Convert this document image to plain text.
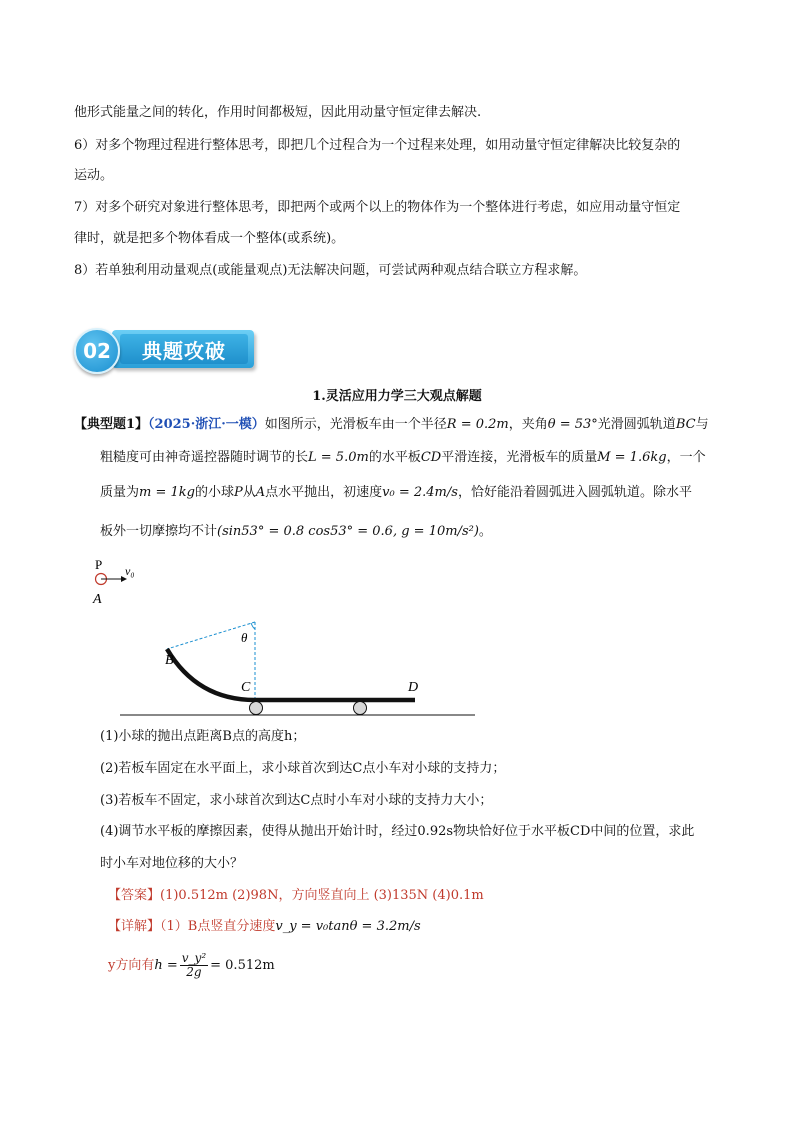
他形式能量之间的转化，作用时间都极短，因此用动量守恒定律去解决.
6）对多个物理过程进行整体思考，即把几个过程合为一个过程来处理，如用动量守恒定律解决比较复杂的
运动。
7）对多个研究对象进行整体思考，即把两个或两个以上的物体作为一个整体进行考虑，如应用动量守恒定
律时，就是把多个物体看成一个整体(或系统)。
8）若单独利用动量观点(或能量观点)无法解决问题，可尝试两种观点结合联立方程求解。
02	典题攻破
1.灵活应用力学三大观点解题
【典型题1】（2025·浙江·一模）如图所示，光滑板车由一个半径R = 0.2m，夹角θ = 53°光滑圆弧轨道BC与
粗糙度可由神奇遥控器随时调节的长L = 5.0m的水平板CD平滑连接，光滑板车的质量M = 1.6kg，一个
质量为m = 1kg的小球P从A点水平抛出，初速度v₀ = 2.4m/s，恰好能沿着圆弧进入圆弧轨道。除水平
板外一切摩擦均不计(sin53° = 0.8 cos53° = 0.6, g = 10m/s²)。
P v₀
A
θ
B
C	D
(1)小球的抛出点距离B点的高度h；
(2)若板车固定在水平面上，求小球首次到达C点小车对小球的支持力；
(3)若板车不固定，求小球首次到达C点时小车对小球的支持力大小；
(4)调节水平板的摩擦因素，使得从抛出开始计时，经过0.92s物块恰好位于水平板CD中间的位置，求此
时小车对地位移的大小？
【答案】(1)0.512m (2)98N，方向竖直向上 (3)135N (4)0.1m
【详解】（1）B点竖直分速度v_y = v₀tanθ = 3.2m/s
y方向有$h = \frac{\text{v\_y²}}{2g} = 0.512m$
